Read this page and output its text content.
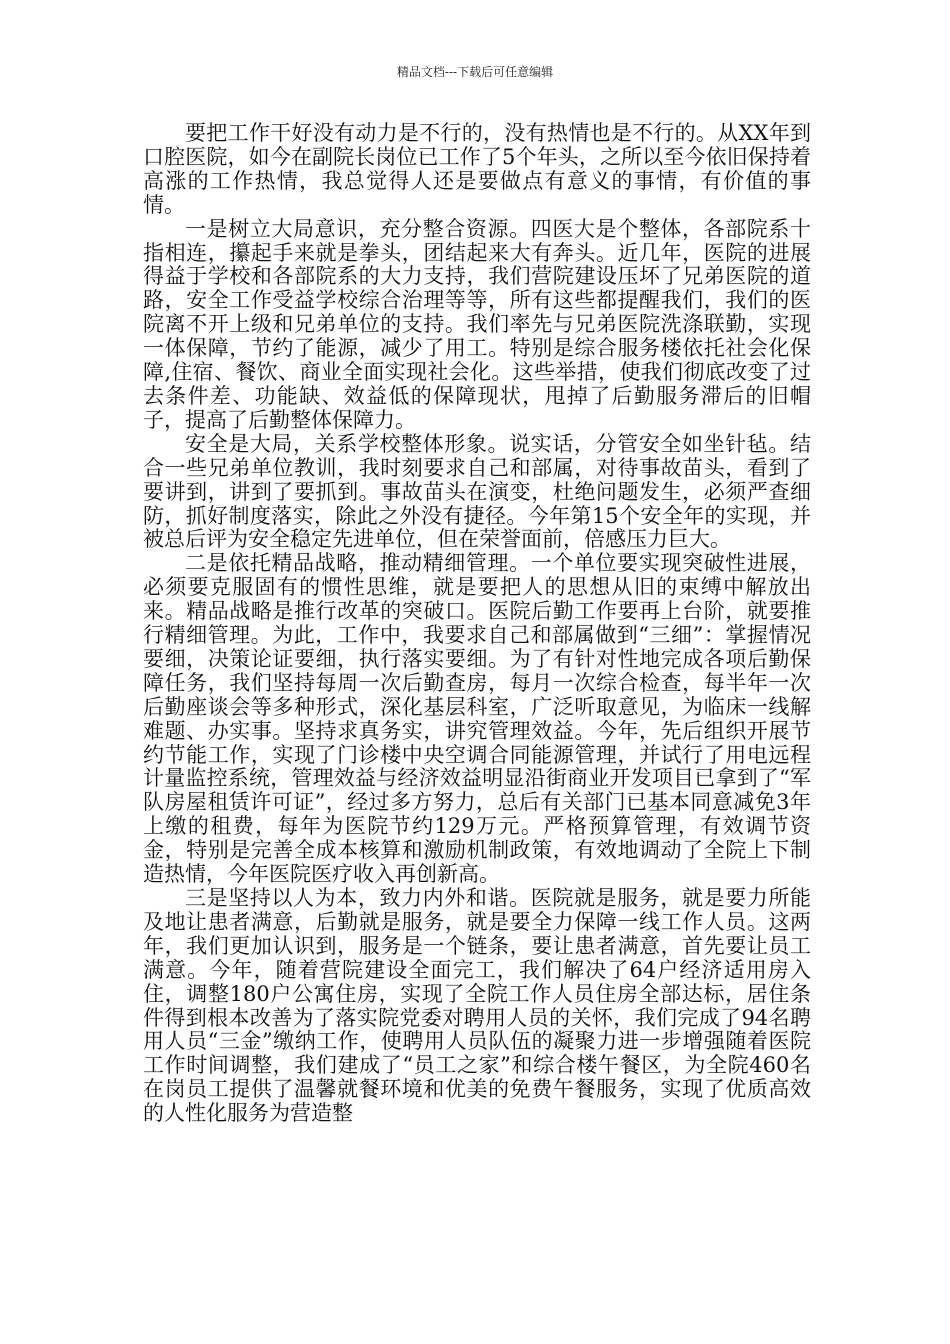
精品文档---下载后可任意编辑

要把工作干好没有动力是不行的，没有热情也是不行的。从XX年到口腔医院，如今在副院长岗位已工作了5个年头，之所以至今依旧保持着高涨的工作热情，我总觉得人还是要做点有意义的事情，有价值的事情。

一是树立大局意识，充分整合资源。四医大是个整体，各部院系十指相连，攥起手来就是拳头，团结起来大有奔头。近几年，医院的进展得益于学校和各部院系的大力支持，我们营院建设压坏了兄弟医院的道路，安全工作受益学校综合治理等等，所有这些都提醒我们，我们的医院离不开上级和兄弟单位的支持。我们率先与兄弟医院洗涤联勤，实现一体保障，节约了能源，减少了用工。特别是综合服务楼依托社会化保障,住宿、餐饮、商业全面实现社会化。这些举措，使我们彻底改变了过去条件差、功能缺、效益低的保障现状，甩掉了后勤服务滞后的旧帽子，提高了后勤整体保障力。

安全是大局，关系学校整体形象。说实话，分管安全如坐针毡。结合一些兄弟单位教训，我时刻要求自己和部属，对待事故苗头，看到了要讲到，讲到了要抓到。事故苗头在演变，杜绝问题发生，必须严查细防，抓好制度落实，除此之外没有捷径。今年第15个安全年的实现，并被总后评为安全稳定先进单位，但在荣誉面前，倍感压力巨大。

二是依托精品战略，推动精细管理。一个单位要实现突破性进展，必须要克服固有的惯性思维，就是要把人的思想从旧的束缚中解放出来。精品战略是推行改革的突破口。医院后勤工作要再上台阶，就要推行精细管理。为此，工作中，我要求自己和部属做到“三细”：掌握情况要细，决策论证要细，执行落实要细。为了有针对性地完成各项后勤保障任务，我们坚持每周一次后勤查房，每月一次综合检查，每半年一次后勤座谈会等多种形式，深化基层科室，广泛听取意见，为临床一线解难题、办实事。坚持求真务实，讲究管理效益。今年，先后组织开展节约节能工作，实现了门诊楼中央空调合同能源管理，并试行了用电远程计量监控系统，管理效益与经济效益明显沿街商业开发项目已拿到了“军队房屋租赁许可证”，经过多方努力，总后有关部门已基本同意减免3年上缴的租费，每年为医院节约129万元。严格预算管理，有效调节资金，特别是完善全成本核算和激励机制政策，有效地调动了全院上下制造热情，今年医院医疗收入再创新高。

三是坚持以人为本，致力内外和谐。医院就是服务，就是要力所能及地让患者满意，后勤就是服务，就是要全力保障一线工作人员。这两年，我们更加认识到，服务是一个链条，要让患者满意，首先要让员工满意。今年，随着营院建设全面完工，我们解决了64户经济适用房入住，调整180户公寓住房，实现了全院工作人员住房全部达标，居住条件得到根本改善为了落实院党委对聘用人员的关怀，我们完成了94名聘用人员“三金”缴纳工作，使聘用人员队伍的凝聚力进一步增强随着医院工作时间调整，我们建成了“员工之家”和综合楼午餐区，为全院460名在岗员工提供了温馨就餐环境和优美的免费午餐服务，实现了优质高效的人性化服务为营造整
